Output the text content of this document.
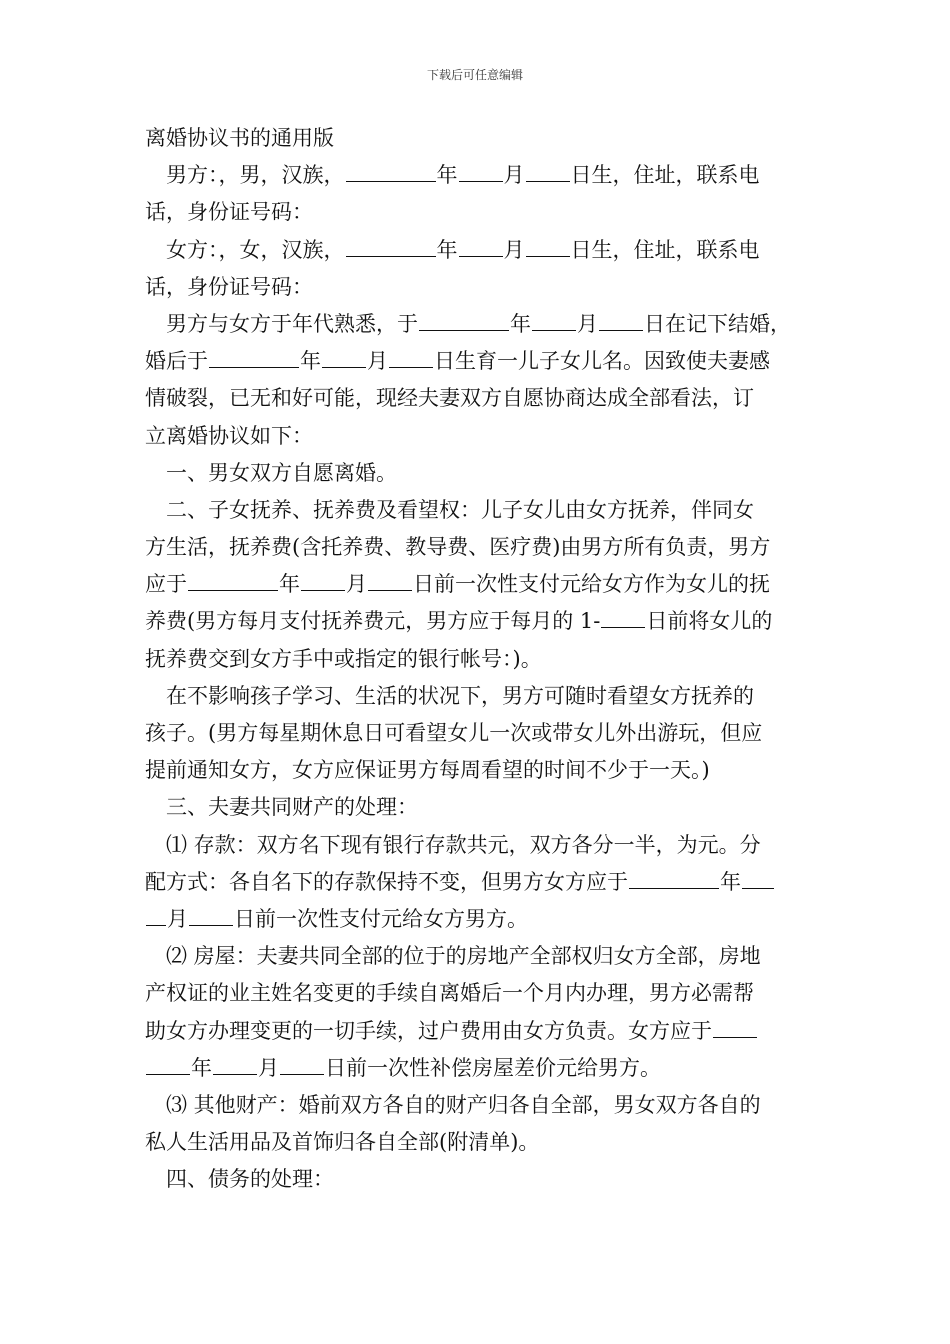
下载后可任意编辑
离婚协议书的通用版
　男方：，男，汉族，	年 月 日生，住址，联系电
话，身份证号码：
　女方：，女，汉族，	年 月 日生，住址，联系电
话，身份证号码：
　男方与女方于年代熟悉，于	年 月 日在记下结婚，
婚后于	年 月 日生育一儿子女儿名。因致使夫妻感
情破裂，已无和好可能，现经夫妻双方自愿协商达成全部看法，订
立离婚协议如下：
　一、男女双方自愿离婚。
　二、子女抚养、抚养费及看望权：儿子女儿由女方抚养，伴同女
方生活，抚养费(含托养费、教导费、医疗费)由男方所有负责，男方
应于	年 月 日前一次性支付元给女方作为女儿的抚
养费(男方每月支付抚养费元，男方应于每月的 1- 日前将女儿的
抚养费交到女方手中或指定的银行帐号：)。
　在不影响孩子学习、生活的状况下，男方可随时看望女方抚养的
孩子。(男方每星期休息日可看望女儿一次或带女儿外出游玩，但应
提前通知女方，女方应保证男方每周看望的时间不少于一天。)
　三、夫妻共同财产的处理：
　⑴ 存款：双方名下现有银行存款共元，双方各分一半，为元。分
配方式：各自名下的存款保持不变，但男方女方应于	年
月 日前一次性支付元给女方男方。
　⑵ 房屋：夫妻共同全部的位于的房地产全部权归女方全部，房地
产权证的业主姓名变更的手续自离婚后一个月内办理，男方必需帮
助女方办理变更的一切手续，过户费用由女方负责。女方应于
年 月 日前一次性补偿房屋差价元给男方。
　⑶ 其他财产：婚前双方各自的财产归各自全部，男女双方各自的
私人生活用品及首饰归各自全部(附清单)。
　四、债务的处理：
